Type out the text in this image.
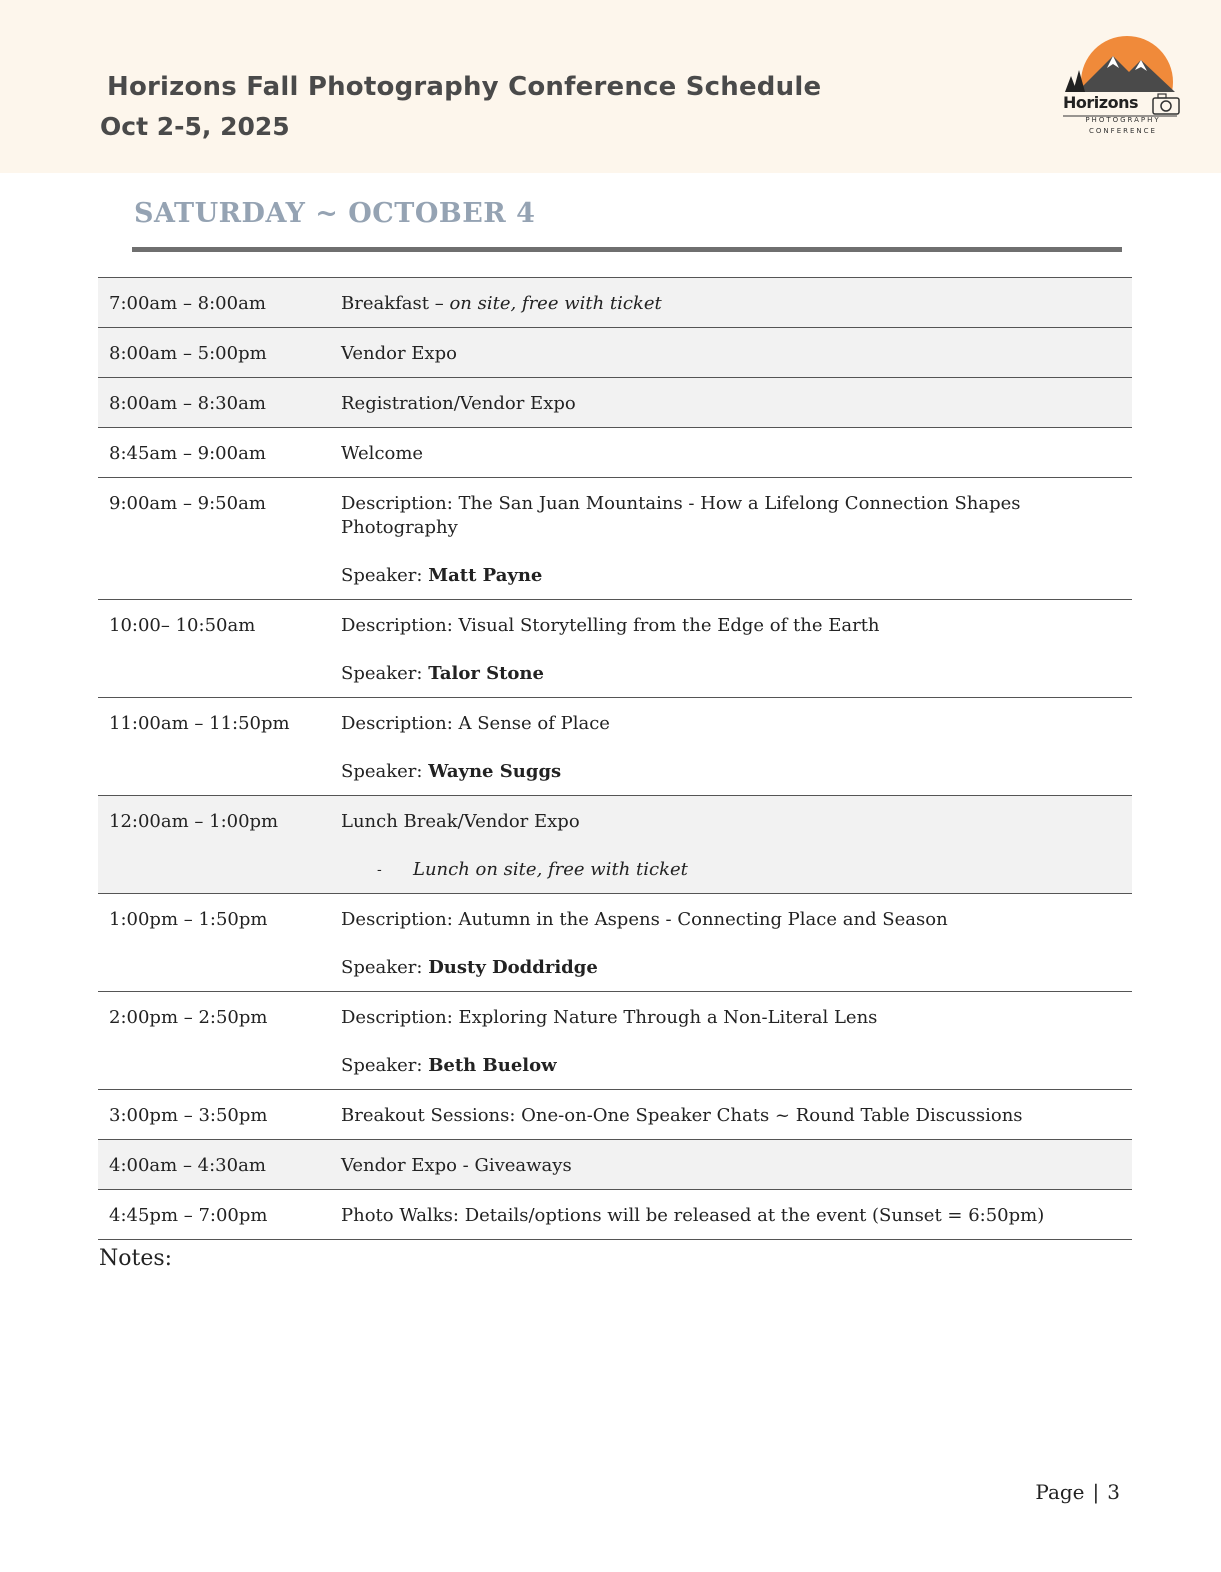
Horizons Fall Photography Conference Schedule
Oct 2-5, 2025
Horizons
PHOTOGRAPHY
CONFERENCE
SATURDAY ~ OCTOBER 4
7:00am – 8:00am	Breakfast – on site, free with ticket
8:00am – 5:00pm	Vendor Expo
8:00am – 8:30am	Registration/Vendor Expo
8:45am – 9:00am	Welcome
9:00am – 9:50am	Description: The San Juan Mountains - How a Lifelong Connection Shapes Photography
Speaker: Matt Payne
10:00– 10:50am	Description: Visual Storytelling from the Edge of the Earth
Speaker: Talor Stone
11:00am – 11:50pm	Description: A Sense of Place
Speaker: Wayne Suggs
12:00am – 1:00pm	Lunch Break/Vendor Expo
-	Lunch on site, free with ticket
1:00pm – 1:50pm	Description: Autumn in the Aspens - Connecting Place and Season
Speaker: Dusty Doddridge
2:00pm – 2:50pm	Description: Exploring Nature Through a Non-Literal Lens
Speaker: Beth Buelow
3:00pm – 3:50pm	Breakout Sessions: One-on-One Speaker Chats ~ Round Table Discussions
4:00am – 4:30am	Vendor Expo - Giveaways
4:45pm – 7:00pm	Photo Walks: Details/options will be released at the event (Sunset = 6:50pm)

Notes:

Page | 3
